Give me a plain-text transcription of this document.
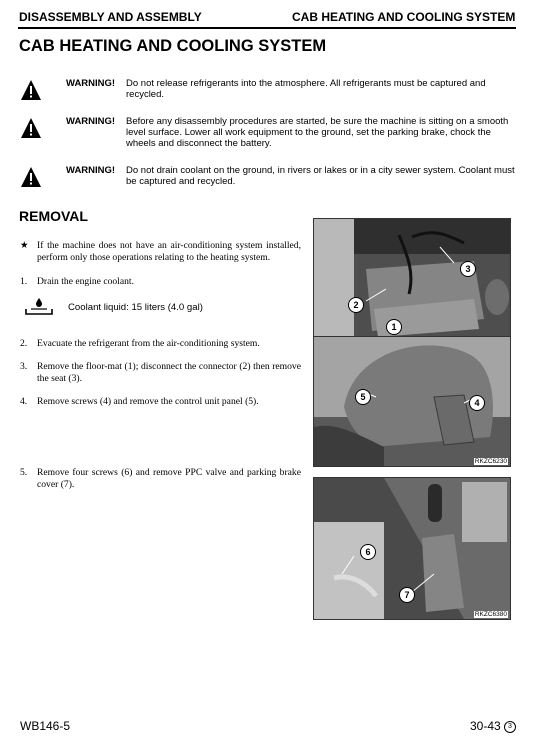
DISASSEMBLY AND ASSEMBLY	CAB HEATING AND COOLING SYSTEM
CAB HEATING AND COOLING SYSTEM
WARNING! Do not release refrigerants into the atmosphere. All refrigerants must be captured and recycled.
WARNING! Before any disassembly procedures are started, be sure the machine is sitting on a smooth level surface. Lower all work equipment to the ground, set the parking brake, chock the wheels and disconnect the battery.
WARNING! Do not drain coolant on the ground, in rivers or lakes or in a city sewer system. Coolant must be captured and recycled.
REMOVAL
★ If the machine does not have an air-conditioning system installed, perform only those operations relating to the heating system.
1. Drain the engine coolant.
Coolant liquid: 15 liters (4.0 gal)
2. Evacuate the refrigerant from the air-conditioning system.
3. Remove the floor-mat (1); disconnect the connector (2) then remove the seat (3).
4. Remove screws (4) and remove the control unit panel (5).
5. Remove four screws (6) and remove PPC valve and parking brake cover (7).
2
1
3
5
4
RKZC6230
6
7
RKZC6380
WB146-5	30-43	3
